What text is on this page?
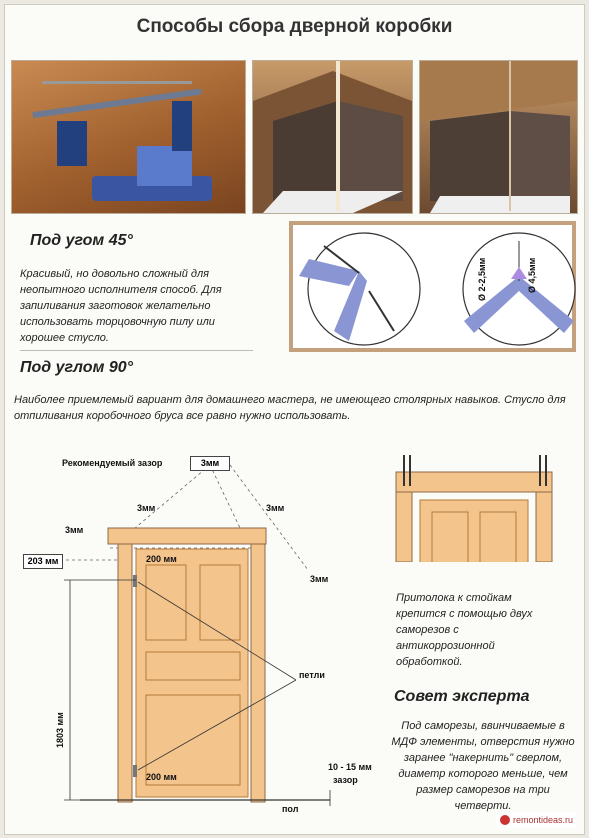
Способы сбора дверной коробки
Под угом 45°
Красивый, но довольно сложный для неопытного исполнителя способ. Для запиливания заготовок желательно использовать торцовочную пилу или хорошее стусло.
Ø 2-2,5мм	Ø 4,5мм
Под углом 90°
Наиболее приемлемый вариант для домашнего мастера, не имеющего столярных навыков. Стусло для отпиливания коробочного бруса все равно нужно использовать.
Рекомендуемый зазор	3мм
3мм	3мм
3мм
3мм
203 мм	200 мм
200 мм
1803 мм
петли
10 - 15 мм
зазор
пол
Притолока к стойкам крепится с помощью двух саморезов с антикоррозионной обработкой.
Совет эксперта
Под саморезы, ввинчиваемые в МДФ элементы, отверстия нужно заранее "накернить" сверлом, диаметр которого меньше, чем размер саморезов на три четверти.
remontideas.ru
